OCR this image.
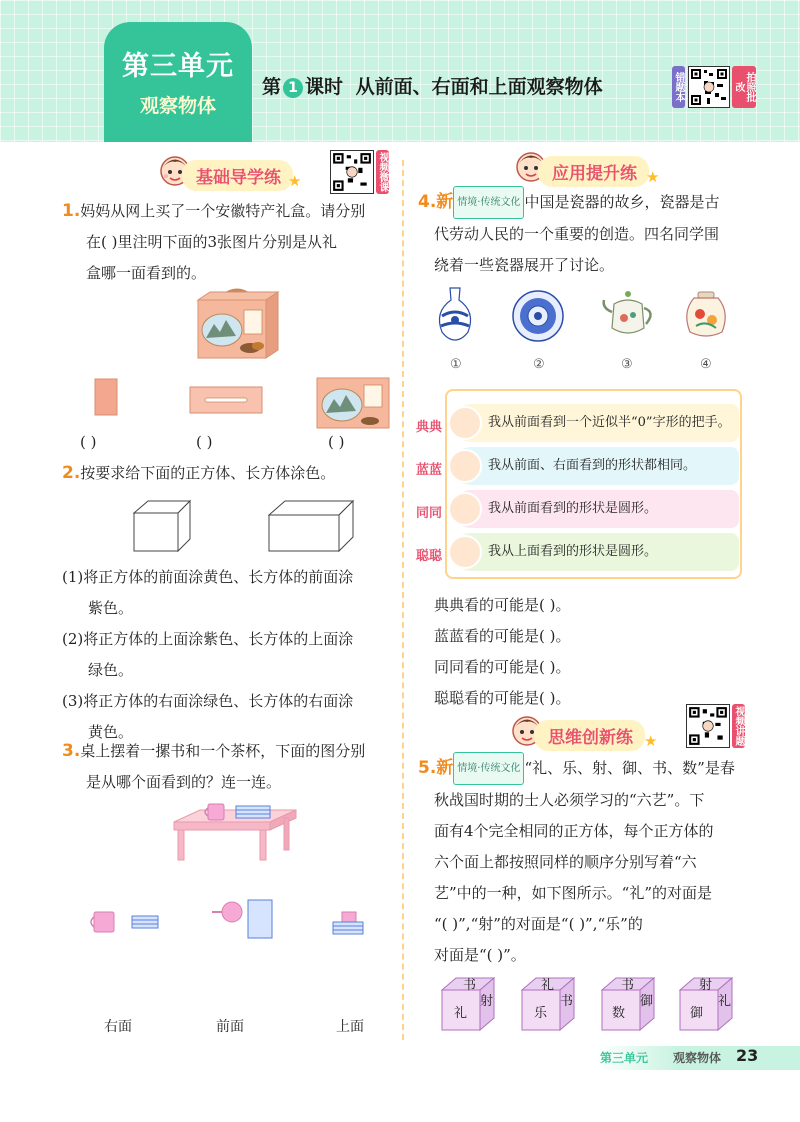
第三单元
观察物体
第 1 课时 从前面、右面和上面观察物体	错题本	拍照批改
基础导学练 ★	视频微课
1.妈妈从网上买了一个安徽特产礼盒。请分别
在( )里注明下面的3张图片分别是从礼
盒哪一面看到的。
( )	( )	( )
2.按要求给下面的正方体、长方体涂色。
(1)将正方体的前面涂黄色、长方体的前面涂
紫色。
(2)将正方体的上面涂紫色、长方体的上面涂
绿色。
(3)将正方体的右面涂绿色、长方体的右面涂
黄色。
3.桌上摆着一摞书和一个茶杯，下面的图分别
是从哪个面看到的？连一连。
右面	前面	上面
应用提升练 ★
4.新 情境·传统文化 中国是瓷器的故乡，瓷器是古
代劳动人民的一个重要的创造。四名同学围
绕着一些瓷器展开了讨论。
①	②	③	④
典典	我从前面看到一个近似半“0”字形的把手。
蓝蓝	我从前面、右面看到的形状都相同。
同同	我从前面看到的形状是圆形。
聪聪	我从上面看到的形状是圆形。
典典看的可能是( )。
蓝蓝看的可能是( )。
同同看的可能是( )。
聪聪看的可能是( )。
思维创新练 ★	视频讲题
5.新 情境·传统文化 “礼、乐、射、御、书、数”是春
秋战国时期的士人必须学习的“六艺”。下
面有4个完全相同的正方体，每个正方体的
六个面上都按照同样的顺序分别写着“六
艺”中的一种，如下图所示。“礼”的对面是
“( )”,“射”的对面是“( )”,“乐”的
对面是“( )”。
书
礼
射
礼
乐
书
书
数
御
射
御
礼
第三单元 观察物体 23
